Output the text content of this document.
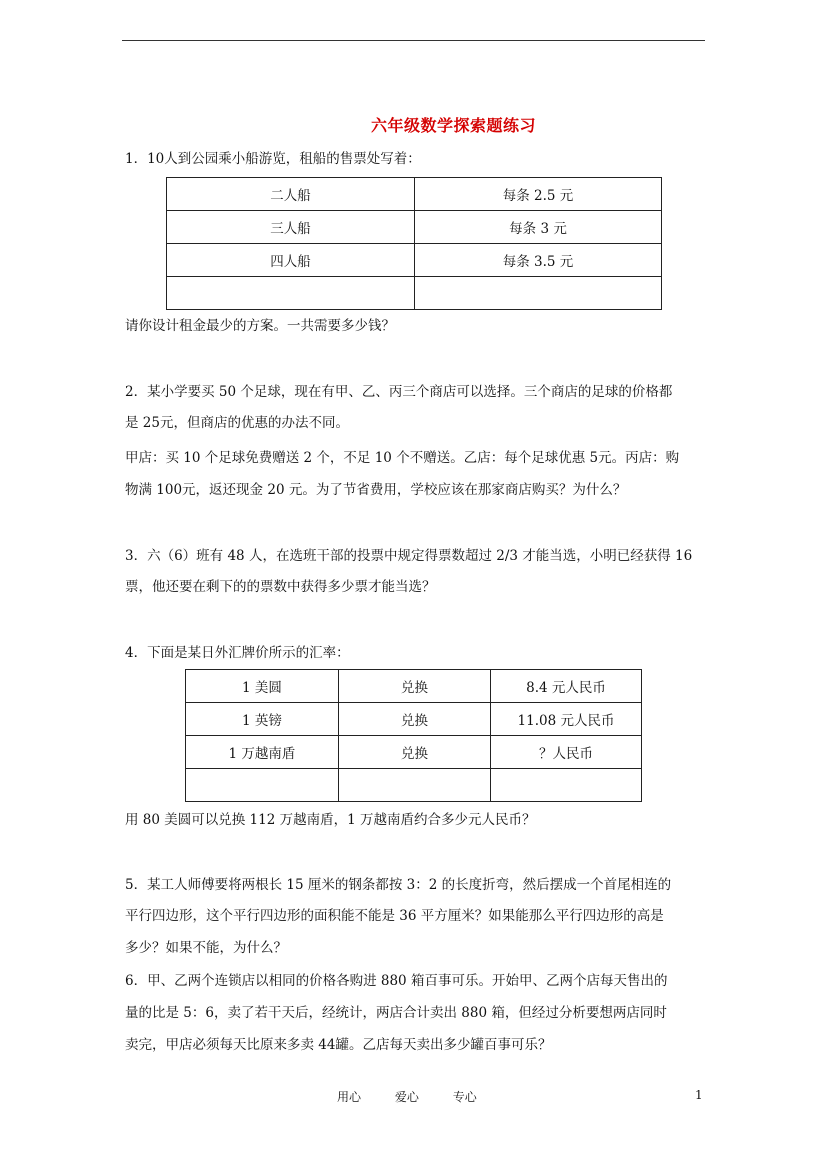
六年级数学探索题练习

1．10人到公园乘小船游览，租船的售票处写着：

二人船	每条 2.5 元
三人船	每条 3 元
四人船	每条 3.5 元

请你设计租金最少的方案。一共需要多少钱？

2．某小学要买 50 个足球，现在有甲、乙、丙三个商店可以选择。三个商店的足球的价格都

是 25元，但商店的优惠的办法不同。

甲店：买 10 个足球免费赠送 2 个，不足 10 个不赠送。乙店：每个足球优惠 5元。丙店：购

物满 100元，返还现金 20 元。为了节省费用，学校应该在那家商店购买？为什么？

3．六（6）班有 48 人，在选班干部的投票中规定得票数超过 2/3 才能当选，小明已经获得 16

票，他还要在剩下的的票数中获得多少票才能当选？

4．下面是某日外汇牌价所示的汇率：

1 美圆	兑换	8.4 元人民币
1 英镑	兑换	11.08 元人民币
1 万越南盾	兑换	？人民币

用 80 美圆可以兑换 112 万越南盾，1 万越南盾约合多少元人民币？

5．某工人师傅要将两根长 15 厘米的钢条都按 3：2 的长度折弯，然后摆成一个首尾相连的

平行四边形，这个平行四边形的面积能不能是 36 平方厘米？如果能那么平行四边形的高是

多少？如果不能，为什么？

6．甲、乙两个连锁店以相同的价格各购进 880 箱百事可乐。开始甲、乙两个店每天售出的

量的比是 5：6，卖了若干天后，经统计，两店合计卖出 880 箱，但经过分析要想两店同时

卖完，甲店必须每天比原来多卖 44罐。乙店每天卖出多少罐百事可乐？

用心	爱心	专心	1
